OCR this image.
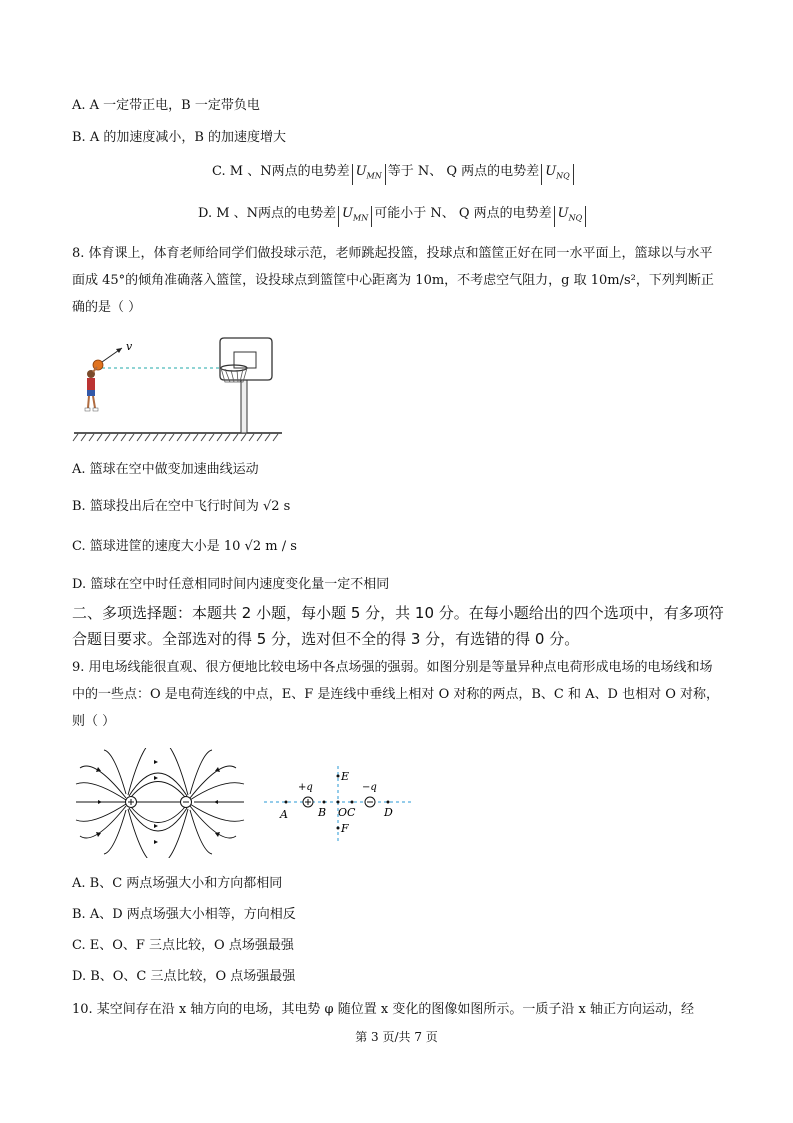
A. A 一定带正电，B 一定带负电
B. A 的加速度减小，B 的加速度增大
C. M 、N两点的电势差 $U_{MN}$ 等于 N、 Q 两点的电势差 $U_{NQ}$
D. M 、N两点的电势差 $U_{MN}$ 可能小于 N、 Q 两点的电势差 $U_{NQ}$
8. 体育课上，体育老师给同学们做投球示范，老师跳起投篮，投球点和篮筐正好在同一水平面上，篮球以与水平面成 45°的倾角准确落入篮筐，设投球点到篮筐中心距离为 10m，不考虑空气阻力，g 取 10m/s²，下列判断正确的是（ ）
v
A. 篮球在空中做变加速曲线运动
B. 篮球投出后在空中飞行时间为 √2 s
C. 篮球进筐的速度大小是 10 √2 m / s
D. 篮球在空中时任意相同时间内速度变化量一定不相同
二、多项选择题：本题共 2 小题，每小题 5 分，共 10 分。在每小题给出的四个选项中，有多项符合题目要求。全部选对的得 5 分，选对但不全的得 3 分，有选错的得 0 分。
9. 用电场线能很直观、很方便地比较电场中各点场强的强弱。如图分别是等量异种点电荷形成电场的电场线和场中的一些点：O 是电荷连线的中点，E、F 是连线中垂线上相对 O 对称的两点，B、C 和 A、D 也相对 O 对称，则（ ）
+q	−q
A	B OC	D
E
F
A. B、C 两点场强大小和方向都相同
B. A、D 两点场强大小相等，方向相反
C. E、O、F 三点比较，O 点场强最强
D. B、O、C 三点比较，O 点场强最强
10. 某空间存在沿 x 轴方向的电场，其电势 φ 随位置 x 变化的图像如图所示。一质子沿 x 轴正方向运动，经
第 3 页/共 7 页
